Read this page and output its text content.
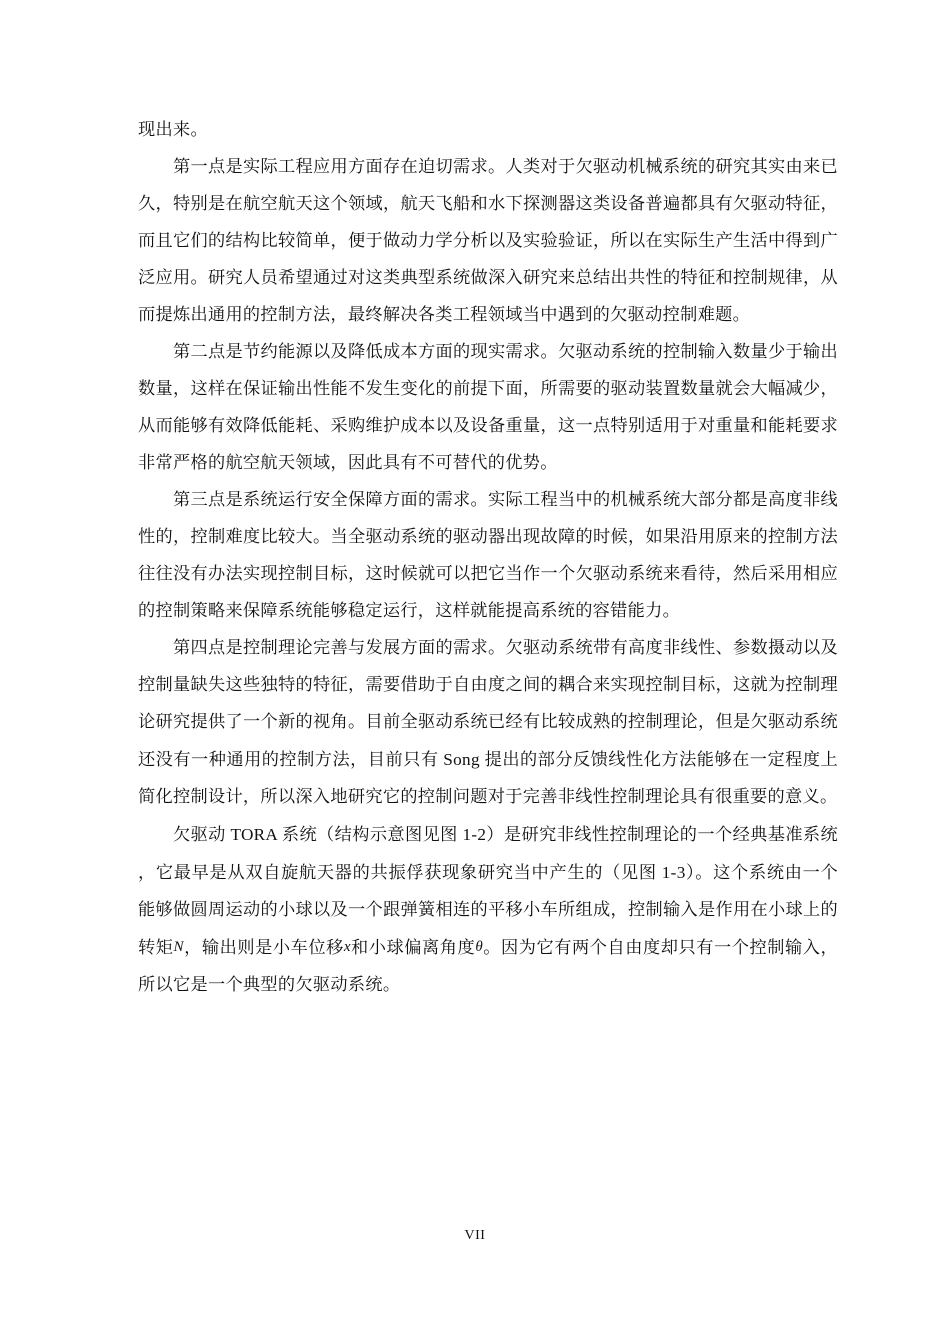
现出来。

第一点是实际工程应用方面存在迫切需求。人类对于欠驱动机械系统的研究其实由来已久，特别是在航空航天这个领域，航天飞船和水下探测器这类设备普遍都具有欠驱动特征，而且它们的结构比较简单，便于做动力学分析以及实验验证，所以在实际生产生活中得到广泛应用。研究人员希望通过对这类典型系统做深入研究来总结出共性的特征和控制规律，从而提炼出通用的控制方法，最终解决各类工程领域当中遇到的欠驱动控制难题。

第二点是节约能源以及降低成本方面的现实需求。欠驱动系统的控制输入数量少于输出数量，这样在保证输出性能不发生变化的前提下面，所需要的驱动装置数量就会大幅减少，从而能够有效降低能耗、采购维护成本以及设备重量，这一点特别适用于对重量和能耗要求非常严格的航空航天领域，因此具有不可替代的优势。

第三点是系统运行安全保障方面的需求。实际工程当中的机械系统大部分都是高度非线性的，控制难度比较大。当全驱动系统的驱动器出现故障的时候，如果沿用原来的控制方法往往没有办法实现控制目标，这时候就可以把它当作一个欠驱动系统来看待，然后采用相应的控制策略来保障系统能够稳定运行，这样就能提高系统的容错能力。

第四点是控制理论完善与发展方面的需求。欠驱动系统带有高度非线性、参数摄动以及控制量缺失这些独特的特征，需要借助于自由度之间的耦合来实现控制目标，这就为控制理论研究提供了一个新的视角。目前全驱动系统已经有比较成熟的控制理论，但是欠驱动系统还没有一种通用的控制方法，目前只有 Song 提出的部分反馈线性化方法能够在一定程度上简化控制设计，所以深入地研究它的控制问题对于完善非线性控制理论具有很重要的意义。

欠驱动 TORA 系统（结构示意图见图 1-2）是研究非线性控制理论的一个经典基准系统，它最早是从双自旋航天器的共振俘获现象研究当中产生的（见图 1-3）。这个系统由一个能够做圆周运动的小球以及一个跟弹簧相连的平移小车所组成，控制输入是作用在小球上的转矩N，输出则是小车位移x和小球偏离角度θ。因为它有两个自由度却只有一个控制输入，所以它是一个典型的欠驱动系统。

VII
